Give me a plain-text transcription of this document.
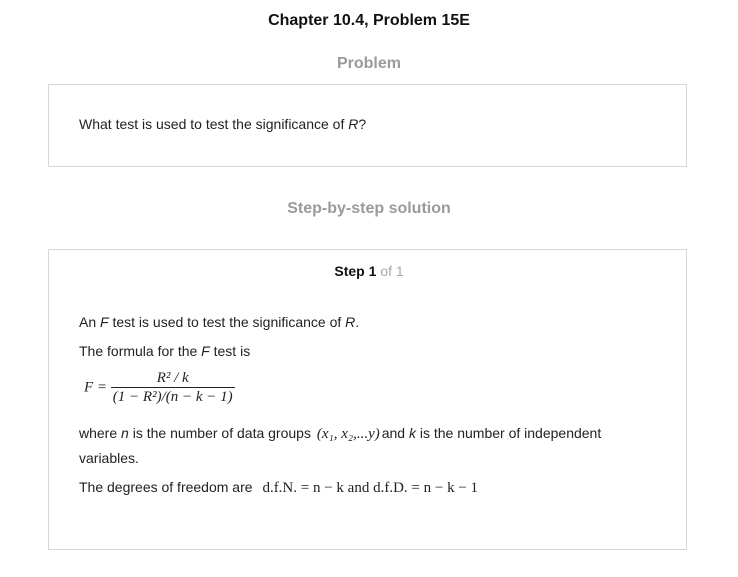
Chapter 10.4, Problem 15E
Problem
What test is used to test the significance of R?
Step-by-step solution
Step 1 of 1
An F test is used to test the significance of R.
The formula for the F test is
$F = \frac{\text{R² / k}}{\text{(1 − R²)/(n − k − 1)}}$
where n is the number of data groups (x₁, x₂,...y) and k is the number of independent
variables.
The degrees of freedom are d.f.N. = n − k and d.f.D. = n − k − 1
